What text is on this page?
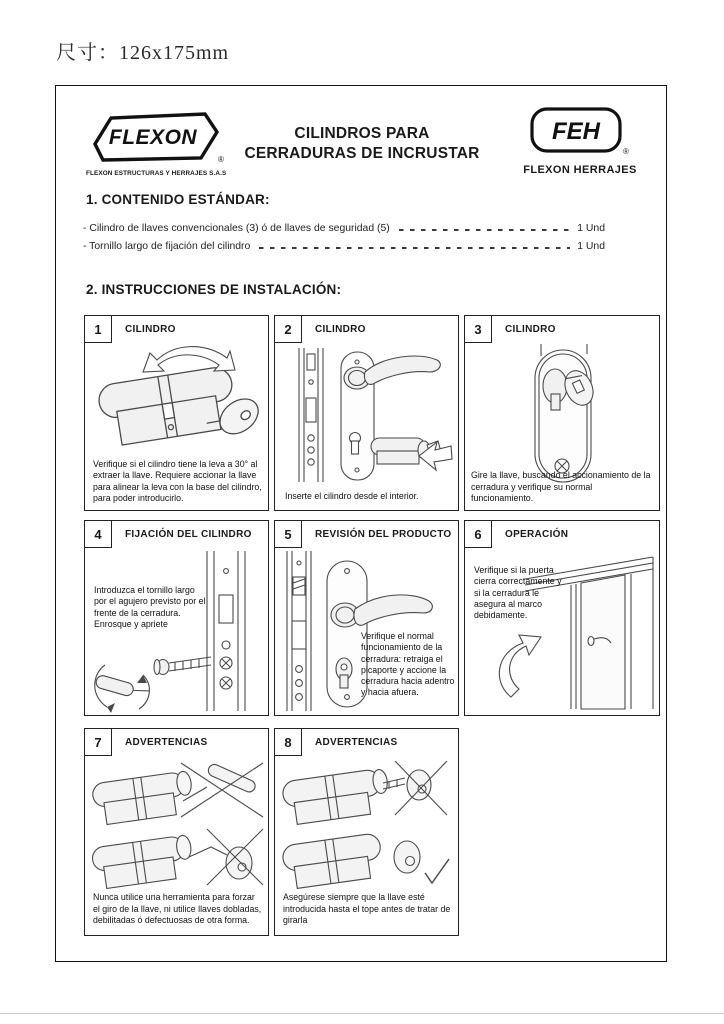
尺寸：126x175mm
FLEXON
®
FLEXON ESTRUCTURAS Y HERRAJES S.A.S
CILINDROS PARA
CERRADURAS DE INCRUSTAR
FEH
®
FLEXON HERRAJES
1. CONTENIDO ESTÁNDAR:
- Cilindro de llaves convencionales (3) ó de llaves de seguridad (5)	1 Und
- Tornillo largo de fijación del cilindro	1 Und
2. INSTRUCCIONES DE INSTALACIÓN:
1	CILINDRO
Verifique si el cilindro tiene la leva a 30° al extraer la llave. Requiere accionar la llave para alinear la leva con la base del cilindro, para poder introducirlo.
2	CILINDRO
Inserte el cilindro desde el interior.
3	CILINDRO
Gire la llave, buscando el accionamiento de la cerradura y verifique su normal funcionamiento.
4	FIJACIÓN DEL CILINDRO
Introduzca el tornillo largo por el agujero previsto por el frente de la cerradura. Enrosque y apriete
5	REVISIÓN DEL PRODUCTO
Verifique el normal funcionamiento de la cerradura: retraiga el picaporte y accione la cerradura hacia adentro y hacia afuera.
6	OPERACIÓN
Verifique si la puerta cierra correctamente y si la cerradura le asegura al marco debidamente.
7	ADVERTENCIAS
Nunca utilice una herramienta para forzar el giro de la llave, ni utilice llaves dobladas, debilitadas ó defectuosas de otra forma.
8	ADVERTENCIAS
Asegúrese siempre que la llave esté introducida hasta el tope antes de tratar de girarla
